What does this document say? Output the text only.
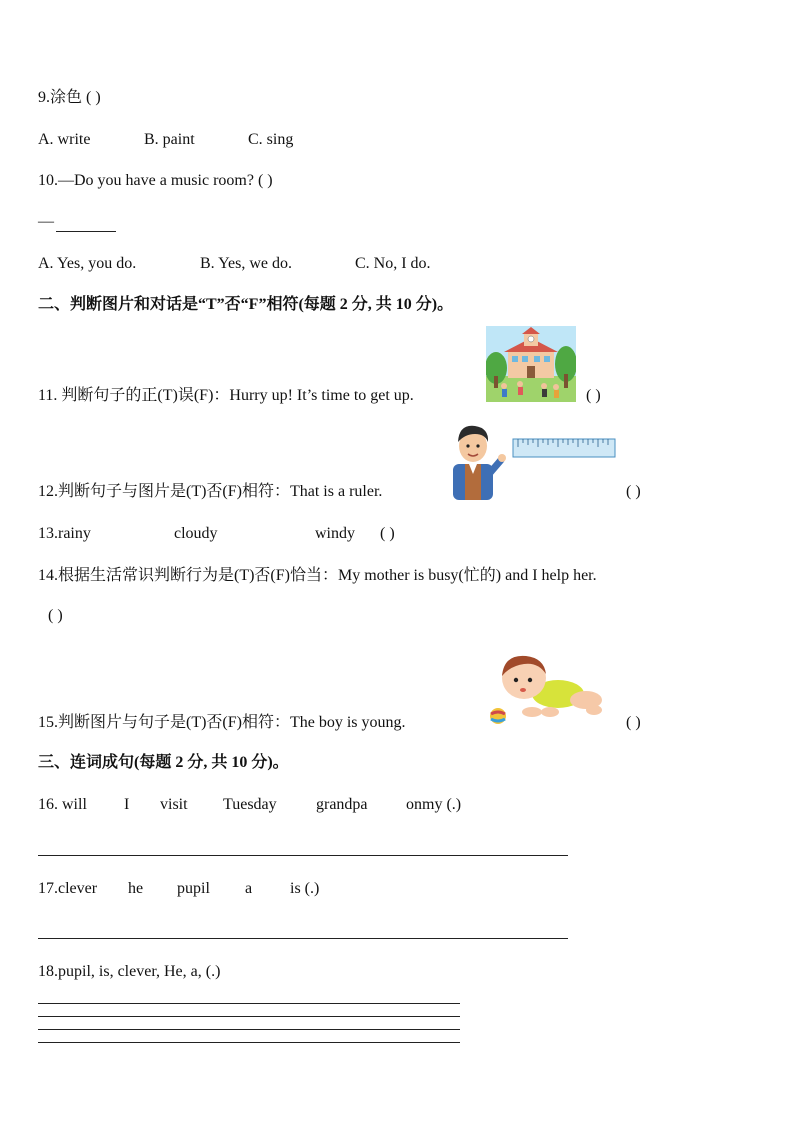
9.涂色 ( )
A. write	B. paint	C. sing
10.—Do you have a music room? ( )
—
A. Yes, you do.	B. Yes, we do.	C. No, I do.
二、判断图片和对话是“T”否“F”相符(每题 2 分, 共 10 分)。
11. 判断句子的正(T)误(F)：Hurry up! It’s time to get up.	( )
12.判断句子与图片是(T)否(F)相符：That is a ruler.	( )
13.rainy	cloudy	windy ( )
14.根据生活常识判断行为是(T)否(F)恰当：My mother is busy(忙的) and I help her.
( )
15.判断图片与句子是(T)否(F)相符：The boy is young.	( )
三、连词成句(每题 2 分, 共 10 分)。
16. will I visit Tuesday grandpa onmy (.)
17.clever he pupil a is (.)
18.pupil, is, clever, He, a, (.)
